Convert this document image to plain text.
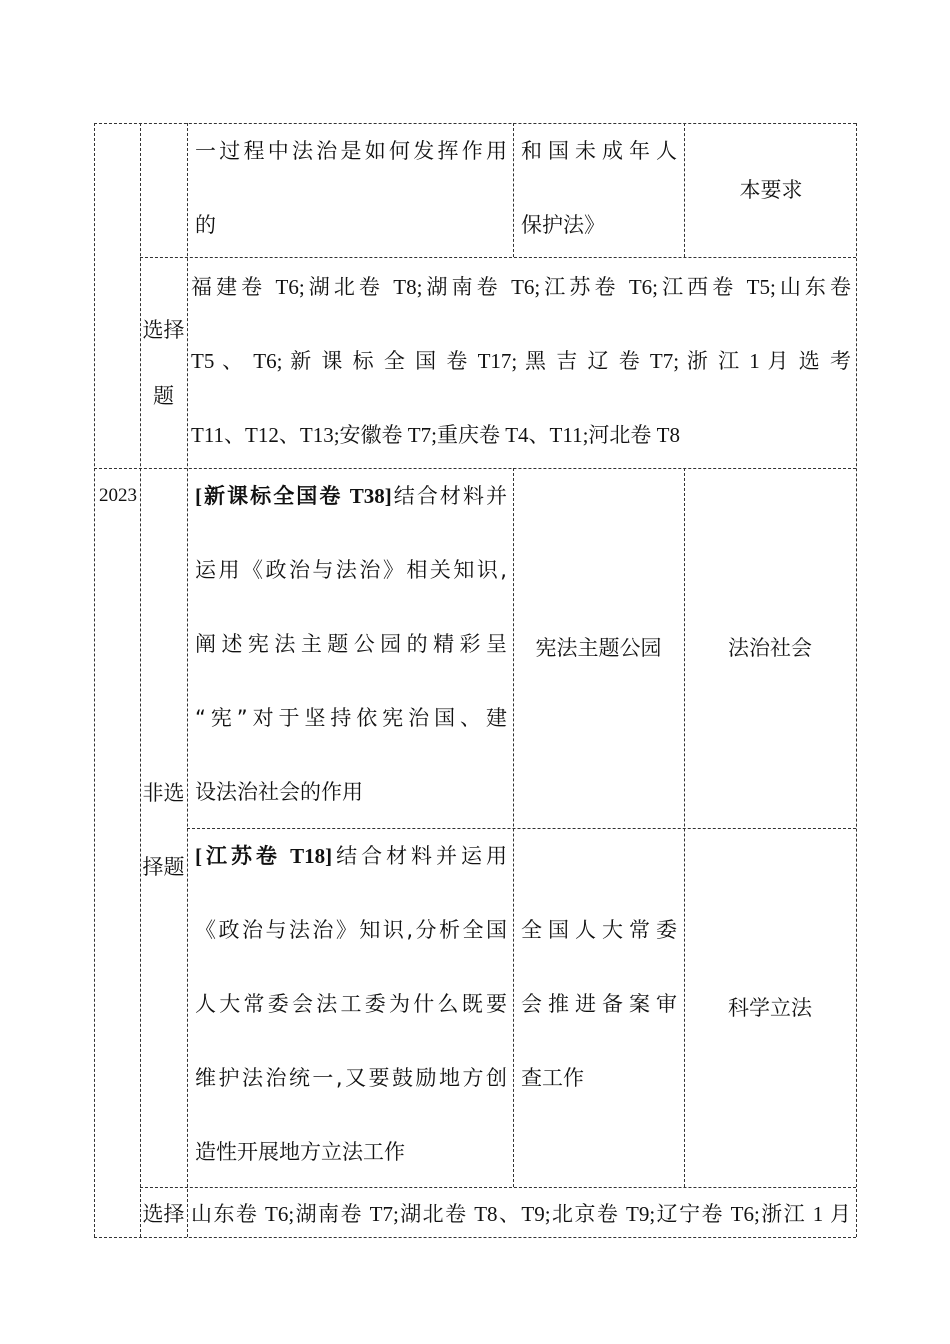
一过程中法治是如何发挥作用
的
和国未成年人
保护法》
本要求
选择
题
福建卷 T6;湖北卷 T8;湖南卷 T6;江苏卷 T6;江西卷 T5;山东卷
T5 、 T6; 新 课 标 全 国 卷 T17; 黑 吉 辽 卷 T7; 浙 江 1 月 选 考
T11、T12、T13;安徽卷 T7;重庆卷 T4、T11;河北卷 T8
2023
非选
择题
[新课标全国卷 T38]结合材料并
运用《政治与法治》相关知识,
阐述宪法主题公园的精彩呈
“宪”对于坚持依宪治国、建
设法治社会的作用
宪法主题公园	法治社会
[江苏卷 T18]结合材料并运用
《政治与法治》知识,分析全国
人大常委会法工委为什么既要
维护法治统一,又要鼓励地方创
造性开展地方立法工作
全国人大常委
会推进备案审
查工作
科学立法
选择 山东卷 T6;湖南卷 T7;湖北卷 T8、T9;北京卷 T9;辽宁卷 T6;浙江 1 月
